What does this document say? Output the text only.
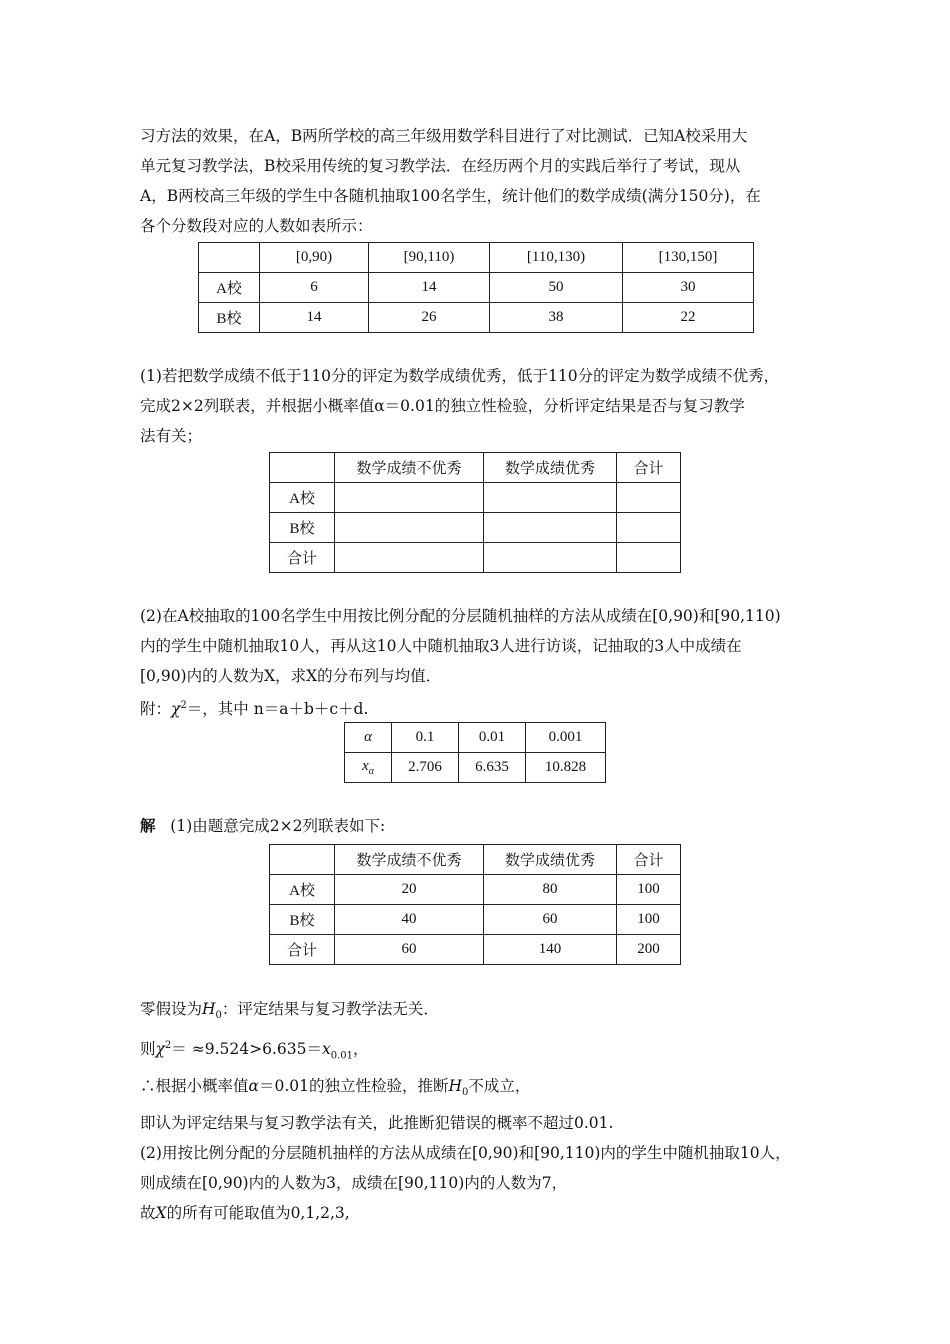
习方法的效果，在A，B两所学校的高三年级用数学科目进行了对比测试．已知A校采用大

单元复习教学法，B校采用传统的复习教学法．在经历两个月的实践后举行了考试，现从

A，B两校高三年级的学生中各随机抽取100名学生，统计他们的数学成绩(满分150分)，在

各个分数段对应的人数如表所示：

	[0,90)	[90,110)	[110,130)	[130,150]
A校	6	14	50	30
B校	14	26	38	22

(1)若把数学成绩不低于110分的评定为数学成绩优秀，低于110分的评定为数学成绩不优秀，

完成2×2列联表，并根据小概率值α＝0.01的独立性检验，分析评定结果是否与复习教学

法有关；

	数学成绩不优秀	数学成绩优秀	合计
A校			
B校			
合计			

(2)在A校抽取的100名学生中用按比例分配的分层随机抽样的方法从成绩在[0,90)和[90,110)

内的学生中随机抽取10人，再从这10人中随机抽取3人进行访谈，记抽取的3人中成绩在

[0,90)内的人数为X，求X的分布列与均值．

附：$\chi^2=$，其中 n＝a＋b＋c＋d.

α	0.1	0.01	0.001
$x_\alpha$	2.706	6.635	10.828

解 (1)由题意完成2×2列联表如下:

	数学成绩不优秀	数学成绩优秀	合计
A校	20	80	100
B校	40	60	100
合计	60	140	200

零假设为$H_0$：评定结果与复习教学法无关．

则$\chi^2= \approx 9.524>6.635=x_{0.01}$，

∴根据小概率值α＝0.01的独立性检验，推断$H_0$不成立，

即认为评定结果与复习教学法有关，此推断犯错误的概率不超过0.01.

(2)用按比例分配的分层随机抽样的方法从成绩在[0,90)和[90,110)内的学生中随机抽取10人，

则成绩在[0,90)内的人数为3，成绩在[90,110)内的人数为7，

故X的所有可能取值为0,1,2,3,
